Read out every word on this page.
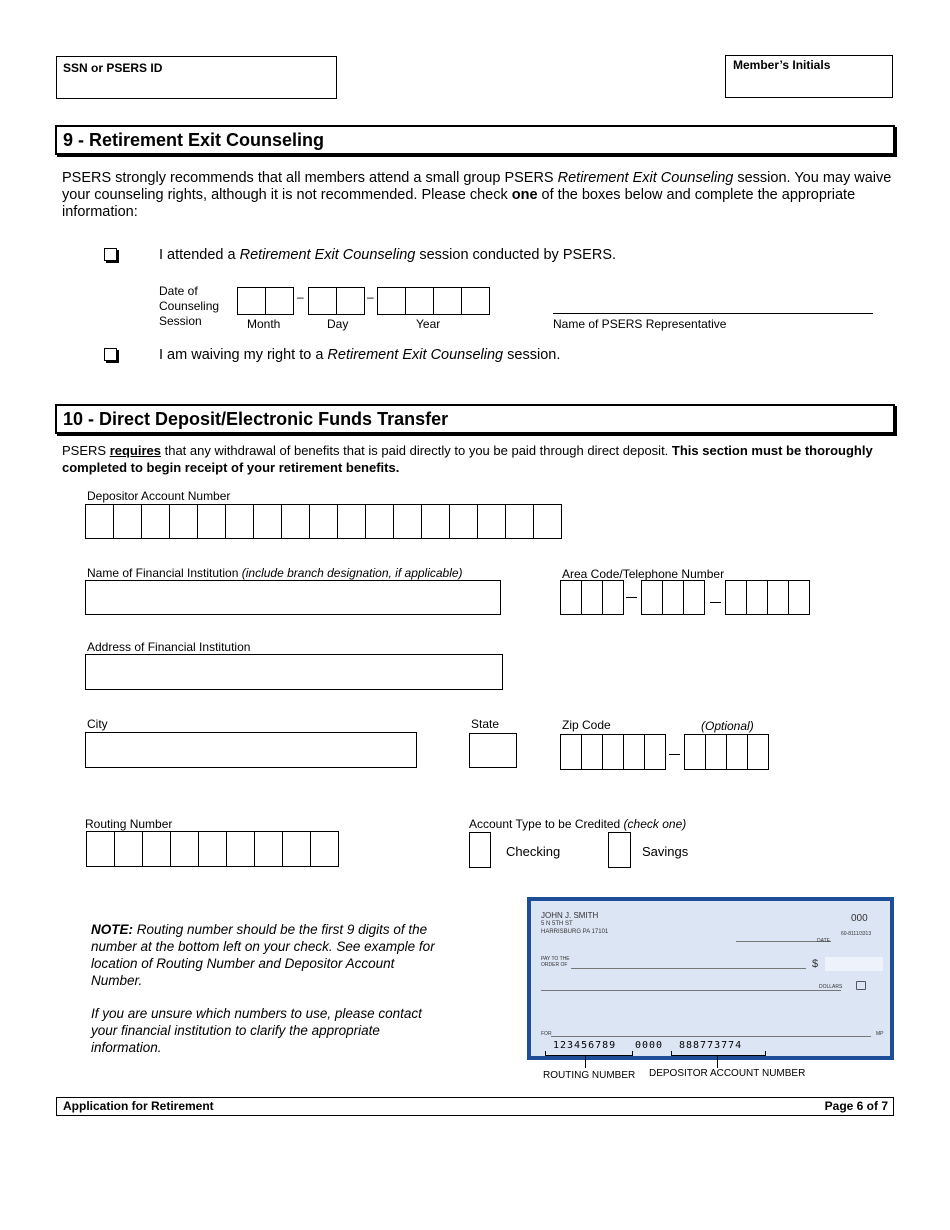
SSN or PSERS ID	Member’s Initials
9 - Retirement Exit Counseling
PSERS strongly recommends that all members attend a small group PSERS Retirement Exit Counseling session. You may waive your counseling rights, although it is not recommended. Please check one of the boxes below and complete the appropriate information:
I attended a Retirement Exit Counseling session conducted by PSERS.
Date of
Counseling
Session
–	–
Month	Day	Year	Name of PSERS Representative
I am waiving my right to a Retirement Exit Counseling session.
10 - Direct Deposit/Electronic Funds Transfer
PSERS requires that any withdrawal of benefits that is paid directly to you be paid through direct deposit. This section must be thoroughly completed to begin receipt of your retirement benefits.
Depositor Account Number
Name of Financial Institution (include branch designation, if applicable)	Area Code/Telephone Number
Address of Financial Institution
City	State	Zip Code	(Optional)
Routing Number	Account Type to be Credited (check one)
Checking	Savings
NOTE: Routing number should be the first 9 digits of the number at the bottom left on your check. See example for location of Routing Number and Depositor Account Number.
If you are unsure which numbers to use, please contact your financial institution to clarify the appropriate information.
JOHN J. SMITH
5 N 5TH ST
HARRISBURG PA 17101
000
60-8111/3313
DATE
PAY TO THE
ORDER OF	$
DOLLARS
FOR	MP
123456789 0000 888773774
ROUTING NUMBER DEPOSITOR ACCOUNT NUMBER
Application for Retirement	Page 6 of 7
